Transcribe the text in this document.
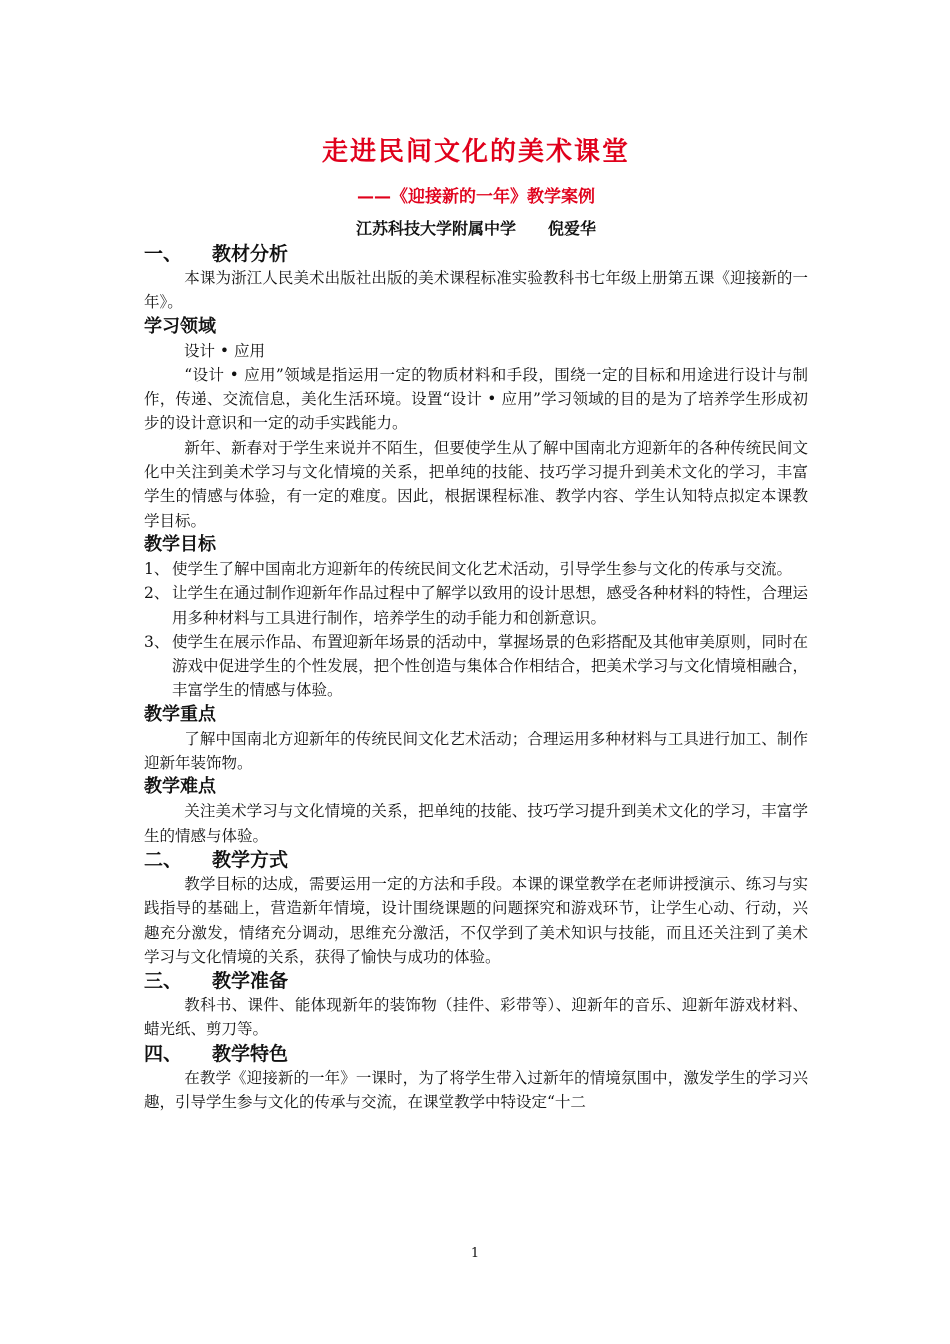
走进民间文化的美术课堂
——《迎接新的一年》教学案例
江苏科技大学附属中学　　倪爱华
一、 教材分析

本课为浙江人民美术出版社出版的美术课程标准实验教科书七年级上册第五课《迎接新的一年》。

学习领域

设计 • 应用

“设计 • 应用”领域是指运用一定的物质材料和手段，围绕一定的目标和用途进行设计与制作，传递、交流信息，美化生活环境。设置“设计 • 应用”学习领域的目的是为了培养学生形成初步的设计意识和一定的动手实践能力。

新年、新春对于学生来说并不陌生，但要使学生从了解中国南北方迎新年的各种传统民间文化中关注到美术学习与文化情境的关系，把单纯的技能、技巧学习提升到美术文化的学习，丰富学生的情感与体验，有一定的难度。因此，根据课程标准、教学内容、学生认知特点拟定本课教学目标。

教学目标

1、 使学生了解中国南北方迎新年的传统民间文化艺术活动，引导学生参与文化的传承与交流。

2、 让学生在通过制作迎新年作品过程中了解学以致用的设计思想，感受各种材料的特性，合理运用多种材料与工具进行制作，培养学生的动手能力和创新意识。

3、 使学生在展示作品、布置迎新年场景的活动中，掌握场景的色彩搭配及其他审美原则，同时在游戏中促进学生的个性发展，把个性创造与集体合作相结合，把美术学习与文化情境相融合，丰富学生的情感与体验。

教学重点

了解中国南北方迎新年的传统民间文化艺术活动；合理运用多种材料与工具进行加工、制作迎新年装饰物。

教学难点

关注美术学习与文化情境的关系，把单纯的技能、技巧学习提升到美术文化的学习，丰富学生的情感与体验。

二、 教学方式

教学目标的达成，需要运用一定的方法和手段。本课的课堂教学在老师讲授演示、练习与实践指导的基础上，营造新年情境，设计围绕课题的问题探究和游戏环节，让学生心动、行动，兴趣充分激发，情绪充分调动，思维充分激活，不仅学到了美术知识与技能，而且还关注到了美术学习与文化情境的关系，获得了愉快与成功的体验。

三、 教学准备

教科书、课件、能体现新年的装饰物（挂件、彩带等）、迎新年的音乐、迎新年游戏材料、蜡光纸、剪刀等。

四、 教学特色

在教学《迎接新的一年》一课时，为了将学生带入过新年的情境氛围中，激发学生的学习兴趣，引导学生参与文化的传承与交流，在课堂教学中特设定“十二

1
